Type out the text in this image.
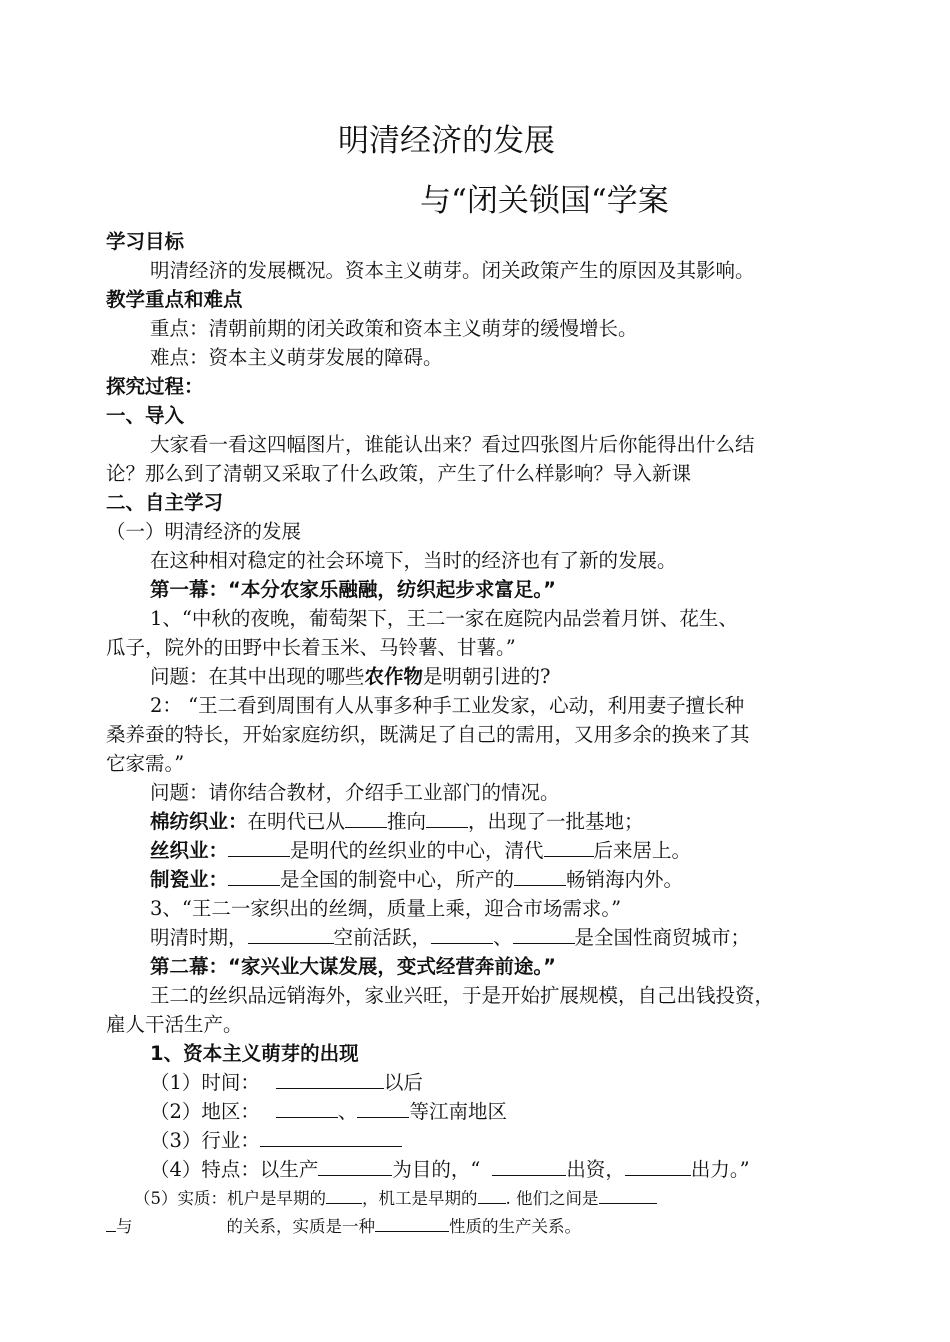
明清经济的发展
与“闭关锁国“学案
学习目标
明清经济的发展概况。资本主义萌芽。闭关政策产生的原因及其影响。
教学重点和难点
重点：清朝前期的闭关政策和资本主义萌芽的缓慢增长。
难点：资本主义萌芽发展的障碍。
探究过程：
一、导入
大家看一看这四幅图片，谁能认出来？看过四张图片后你能得出什么结
论？那么到了清朝又采取了什么政策，产生了什么样影响？导入新课
二、自主学习
（一）明清经济的发展
在这种相对稳定的社会环境下，当时的经济也有了新的发展。
第一幕：“本分农家乐融融，纺织起步求富足。”
1、“中秋的夜晚，葡萄架下，王二一家在庭院内品尝着月饼、花生、
瓜子，院外的田野中长着玉米、马铃薯、甘薯。”
问题：在其中出现的哪些农作物是明朝引进的?
2： “王二看到周围有人从事多种手工业发家，心动，利用妻子擅长种
桑养蚕的特长，开始家庭纺织，既满足了自己的需用，又用多余的换来了其
它家需。”
问题：请你结合教材，介绍手工业部门的情况。
棉纺织业：在明代已从 推向 ，出现了一批基地；
丝织业：	是明代的丝织业的中心，清代	后来居上。
制瓷业：	是全国的制瓷中心，所产的	畅销海内外。
3、“王二一家织出的丝绸，质量上乘，迎合市场需求。”
明清时期，	空前活跃，	、	是全国性商贸城市；
第二幕：“家兴业大谋发展，变式经营奔前途。”
王二的丝织品远销海外，家业兴旺，于是开始扩展规模，自己出钱投资，
雇人干活生产。
1、资本主义萌芽的出现
（1）时间：	以后
（2）地区：	、	等江南地区
（3）行业：
（4）特点：以生产	为目的，“	出资，	出力。”
（5）实质：机户是早期的 ，机工是早期的 . 他们之间是
与	的关系，实质是一种	性质的生产关系。
